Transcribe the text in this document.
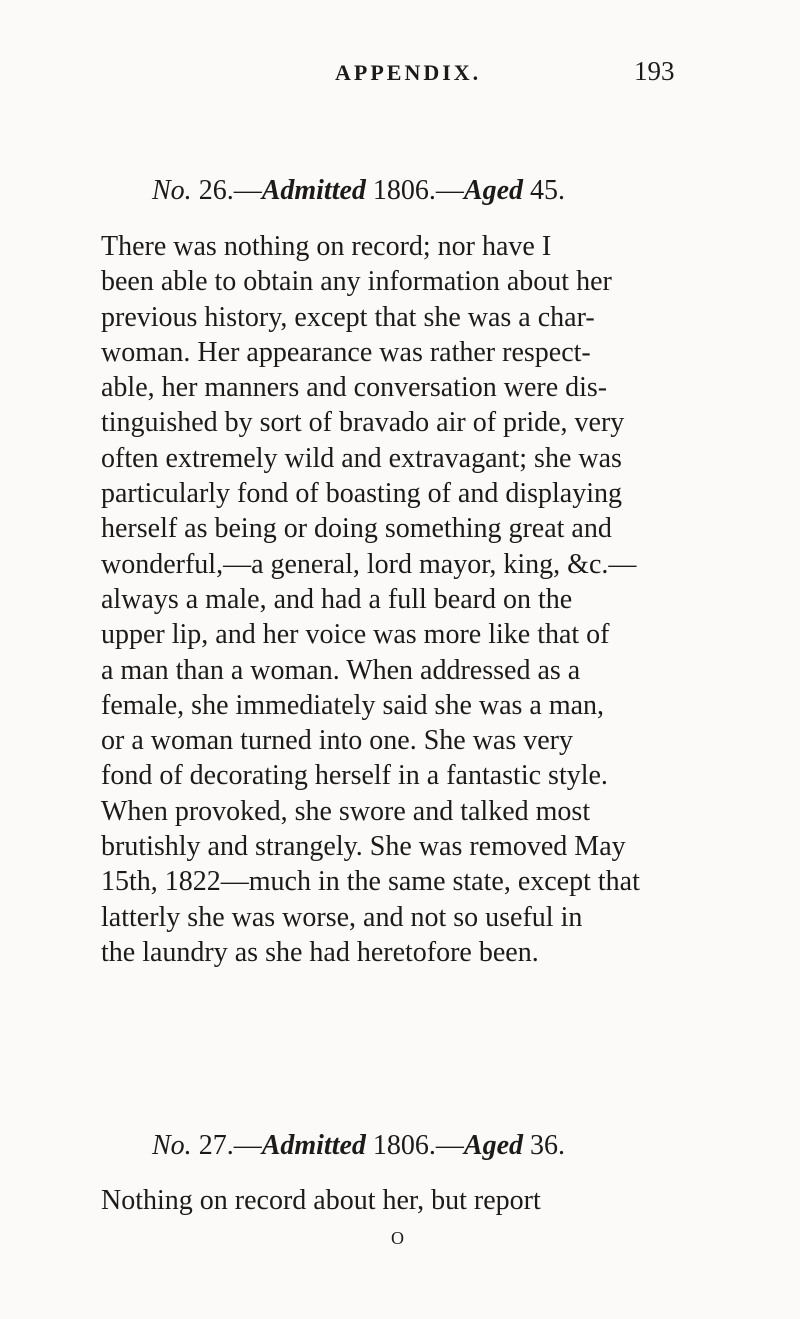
APPENDIX.	193
No. 26.—Admitted 1806.—Aged 45.

There was nothing on record; nor have I
been able to obtain any information about her
previous history, except that she was a char-
woman. Her appearance was rather respect-
able, her manners and conversation were dis-
tinguished by sort of bravado air of pride, very
often extremely wild and extravagant; she was
particularly fond of boasting of and displaying
herself as being or doing something great and
wonderful,—a general, lord mayor, king, &c.—
always a male, and had a full beard on the
upper lip, and her voice was more like that of
a man than a woman. When addressed as a
female, she immediately said she was a man,
or a woman turned into one. She was very
fond of decorating herself in a fantastic style.
When provoked, she swore and talked most
brutishly and strangely. She was removed May
15th, 1822—much in the same state, except that
latterly she was worse, and not so useful in
the laundry as she had heretofore been.

No. 27.—Admitted 1806.—Aged 36.

Nothing on record about her, but report

O
